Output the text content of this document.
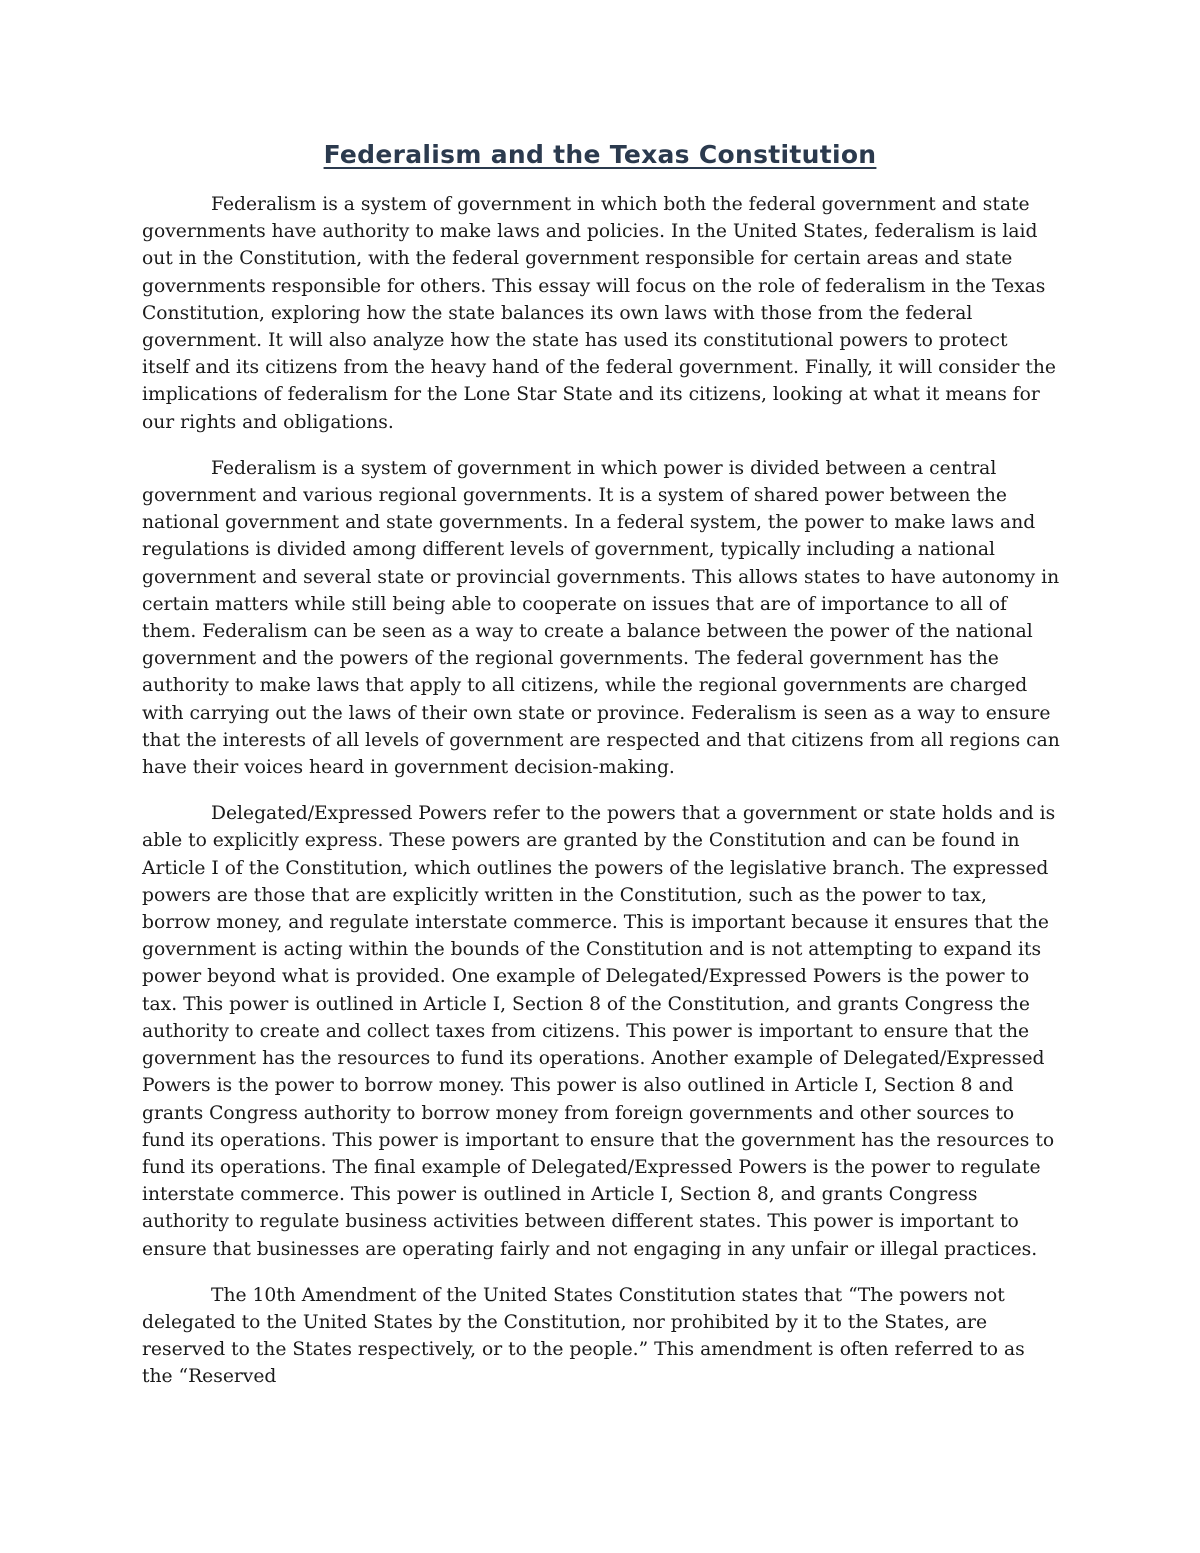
Federalism and the Texas Constitution

Federalism is a system of government in which both the federal government and state governments have authority to make laws and policies. In the United States, federalism is laid out in the Constitution, with the federal government responsible for certain areas and state governments responsible for others. This essay will focus on the role of federalism in the Texas Constitution, exploring how the state balances its own laws with those from the federal government. It will also analyze how the state has used its constitutional powers to protect itself and its citizens from the heavy hand of the federal government. Finally, it will consider the implications of federalism for the Lone Star State and its citizens, looking at what it means for our rights and obligations.

Federalism is a system of government in which power is divided between a central government and various regional governments. It is a system of shared power between the national government and state governments. In a federal system, the power to make laws and regulations is divided among different levels of government, typically including a national government and several state or provincial governments. This allows states to have autonomy in certain matters while still being able to cooperate on issues that are of importance to all of them. Federalism can be seen as a way to create a balance between the power of the national government and the powers of the regional governments. The federal government has the authority to make laws that apply to all citizens, while the regional governments are charged with carrying out the laws of their own state or province. Federalism is seen as a way to ensure that the interests of all levels of government are respected and that citizens from all regions can have their voices heard in government decision-making.

Delegated/Expressed Powers refer to the powers that a government or state holds and is able to explicitly express. These powers are granted by the Constitution and can be found in Article I of the Constitution, which outlines the powers of the legislative branch. The expressed powers are those that are explicitly written in the Constitution, such as the power to tax, borrow money, and regulate interstate commerce. This is important because it ensures that the government is acting within the bounds of the Constitution and is not attempting to expand its power beyond what is provided. One example of Delegated/Expressed Powers is the power to tax. This power is outlined in Article I, Section 8 of the Constitution, and grants Congress the authority to create and collect taxes from citizens. This power is important to ensure that the government has the resources to fund its operations. Another example of Delegated/Expressed Powers is the power to borrow money. This power is also outlined in Article I, Section 8 and grants Congress authority to borrow money from foreign governments and other sources to fund its operations. This power is important to ensure that the government has the resources to fund its operations. The final example of Delegated/Expressed Powers is the power to regulate interstate commerce. This power is outlined in Article I, Section 8, and grants Congress authority to regulate business activities between different states. This power is important to ensure that businesses are operating fairly and not engaging in any unfair or illegal practices.

The 10th Amendment of the United States Constitution states that “The powers not delegated to the United States by the Constitution, nor prohibited by it to the States, are reserved to the States respectively, or to the people.” This amendment is often referred to as the “Reserved
